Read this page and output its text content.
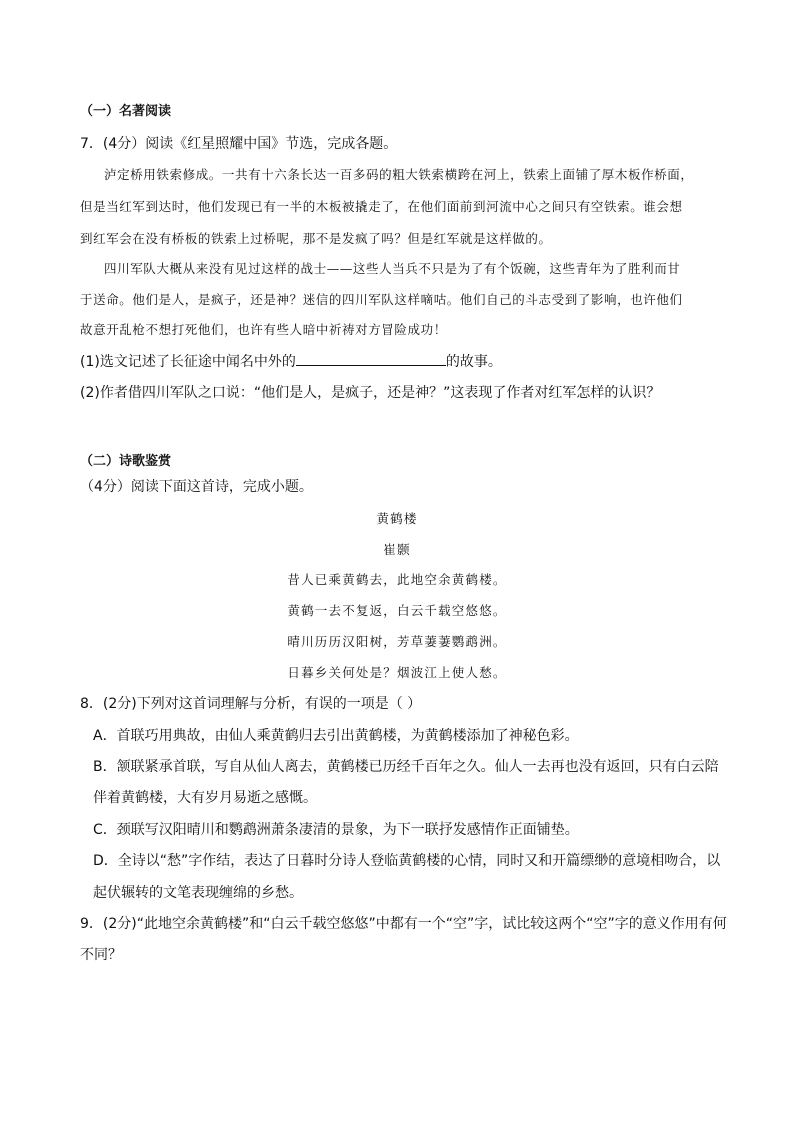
（一）名著阅读
7．(4分）阅读《红星照耀中国》节选，完成各题。
泸定桥用铁索修成。一共有十六条长达一百多码的粗大铁索横跨在河上，铁索上面铺了厚木板作桥面，
但是当红军到达时，他们发现已有一半的木板被撬走了，在他们面前到河流中心之间只有空铁索。谁会想
到红军会在没有桥板的铁索上过桥呢，那不是发疯了吗？但是红军就是这样做的。
四川军队大概从来没有见过这样的战士——这些人当兵不只是为了有个饭碗，这些青年为了胜利而甘
于送命。他们是人，是疯子，还是神？迷信的四川军队这样嘀咕。他们自己的斗志受到了影响，也许他们
故意开乱枪不想打死他们，也许有些人暗中祈祷对方冒险成功！
(1)选文记述了长征途中闻名中外的	的故事。
(2)作者借四川军队之口说：“他们是人，是疯子，还是神？”这表现了作者对红军怎样的认识？
（二）诗歌鉴赏
（4分）阅读下面这首诗，完成小题。
黄鹤楼
崔颢
昔人已乘黄鹤去，此地空余黄鹤楼。
黄鹤一去不复返，白云千载空悠悠。
晴川历历汉阳树，芳草萋萋鹦鹉洲。
日暮乡关何处是？烟波江上使人愁。
8．(2分)下列对这首词理解与分析，有误的一项是（ ）
A．首联巧用典故，由仙人乘黄鹤归去引出黄鹤楼，为黄鹤楼添加了神秘色彩。
B．颔联紧承首联，写自从仙人离去，黄鹤楼已历经千百年之久。仙人一去再也没有返回，只有白云陪
伴着黄鹤楼，大有岁月易逝之感慨。
C．颈联写汉阳晴川和鹦鹉洲萧条凄清的景象，为下一联抒发感情作正面铺垫。
D．全诗以“愁”字作结，表达了日暮时分诗人登临黄鹤楼的心情，同时又和开篇缥缈的意境相吻合，以
起伏辗转的文笔表现缠绵的乡愁。
9．(2分)“此地空余黄鹤楼”和“白云千载空悠悠”中都有一个“空”字，试比较这两个“空”字的意义作用有何
不同？
